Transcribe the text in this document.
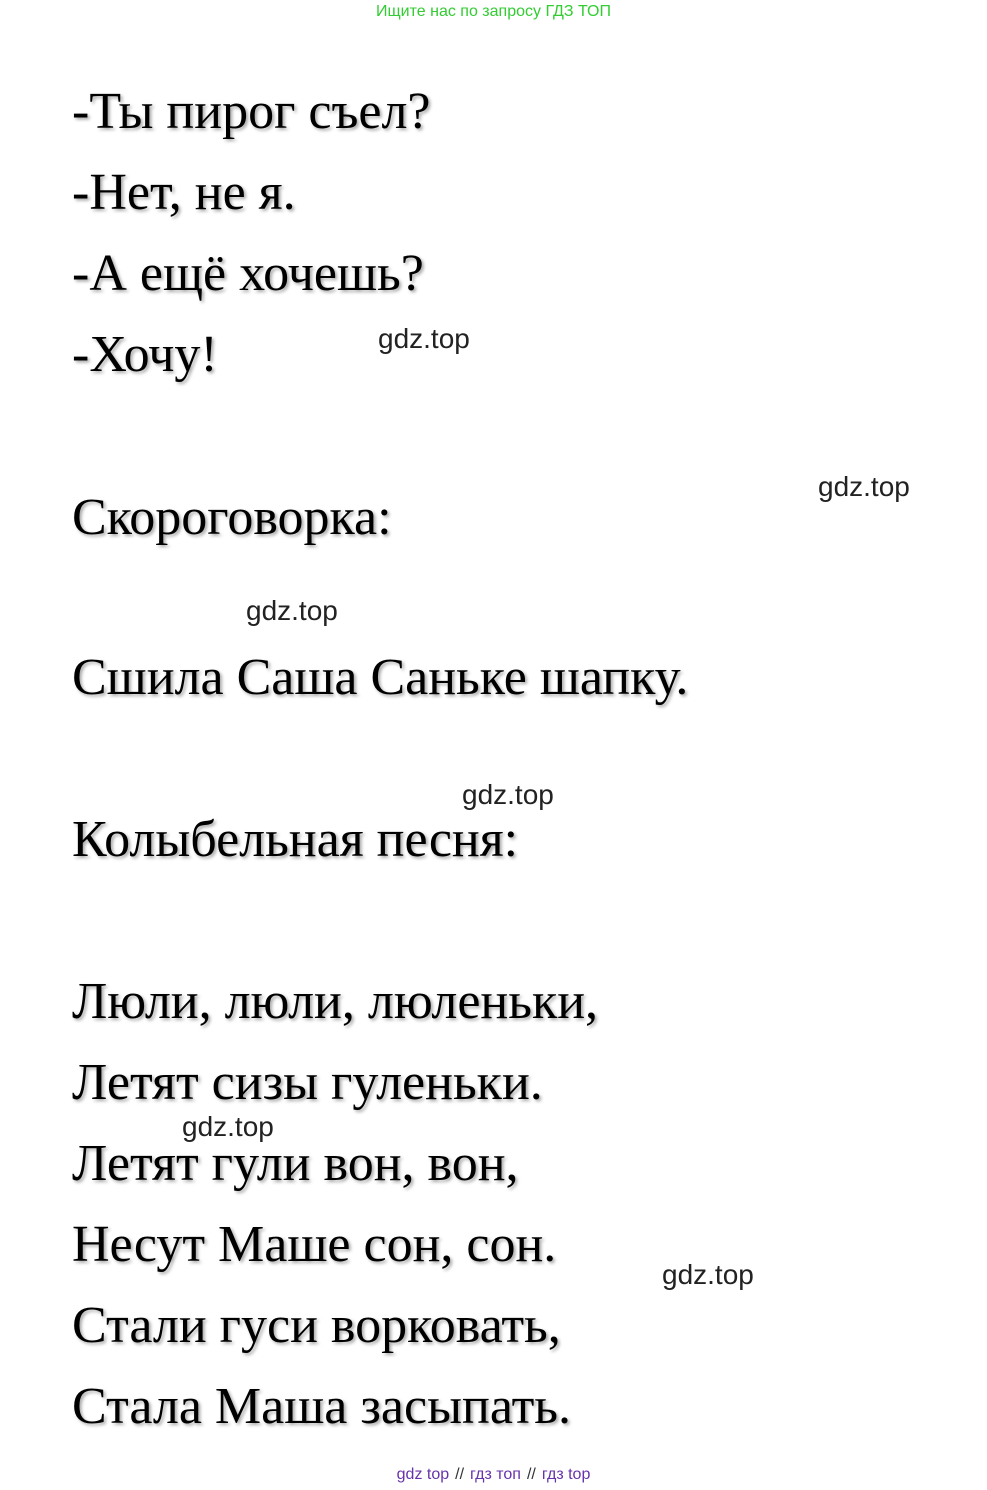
Ищите нас по запросу ГДЗ ТОП
-Ты пирог съел?
-Нет, не я.
-А ещё хочешь?
-Хочу!
Скороговорка:
Сшила Саша Саньке шапку.
Колыбельная песня:
Люли, люли, люленьки,
Летят сизы гуленьки.
Летят гули вон, вон,
Несут Маше сон, сон.
Стали гуси ворковать,
Стала Маша засыпать.
gdz.top
gdz.top
gdz.top
gdz.top
gdz.top
gdz.top
gdz top // гдз топ // гдз top
